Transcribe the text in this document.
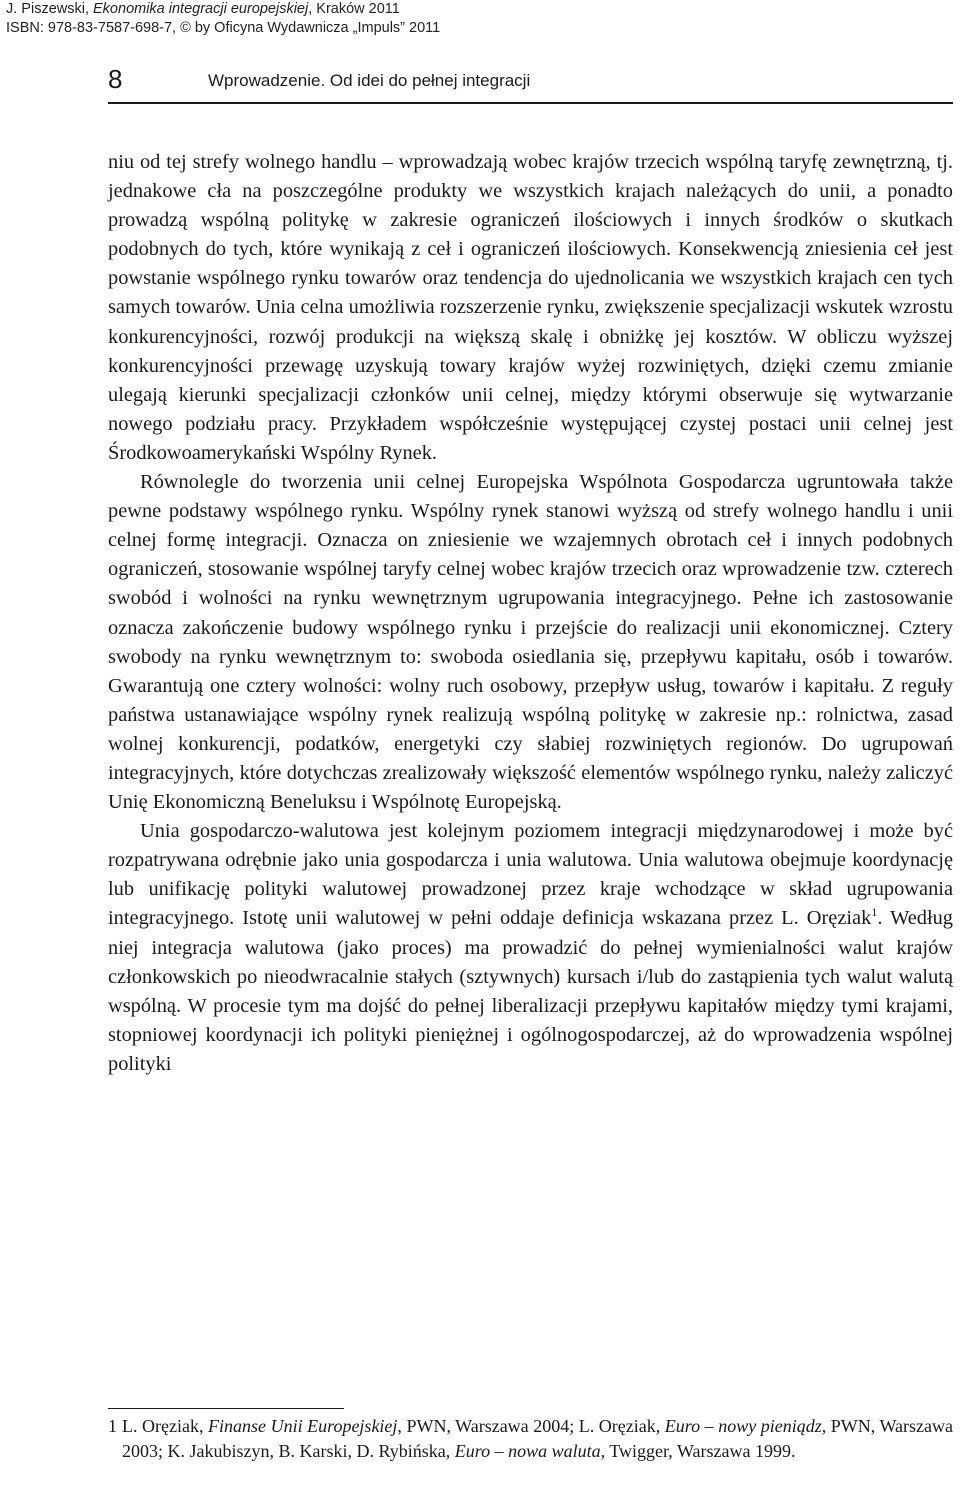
J. Piszewski, Ekonomika integracji europejskiej, Kraków 2011
ISBN: 978-83-7587-698-7, © by Oficyna Wydawnicza „Impuls” 2011
8	Wprowadzenie. Od idei do pełnej integracji

niu od tej strefy wolnego handlu – wprowadzają wobec krajów trzecich wspólną taryfę zewnętrzną, tj. jednakowe cła na poszczególne produkty we wszystkich krajach należących do unii, a ponadto prowadzą wspólną politykę w zakresie ograniczeń ilościowych i innych środków o skutkach podobnych do tych, które wynikają z ceł i ograniczeń ilościowych. Konsekwencją zniesienia ceł jest powstanie wspólnego rynku towarów oraz tendencja do ujednolicania we wszystkich krajach cen tych samych towarów. Unia celna umożliwia rozszerzenie rynku, zwiększenie specjalizacji wskutek wzrostu konkurencyjności, rozwój produkcji na większą skalę i obniżkę jej kosztów. W obliczu wyższej konkurencyjności przewagę uzyskują towary krajów wyżej rozwiniętych, dzięki czemu zmianie ulegają kierunki specjalizacji członków unii celnej, między którymi obserwuje się wytwarzanie nowego podziału pracy. Przykładem współcześnie występującej czystej postaci unii celnej jest Środkowoamerykański Wspólny Rynek.

Równolegle do tworzenia unii celnej Europejska Wspólnota Gospodarcza ugruntowała także pewne podstawy wspólnego rynku. Wspólny rynek stanowi wyższą od strefy wolnego handlu i unii celnej formę integracji. Oznacza on zniesienie we wzajemnych obrotach ceł i innych podobnych ograniczeń, stosowanie wspólnej taryfy celnej wobec krajów trzecich oraz wprowadzenie tzw. czterech swobód i wolności na rynku wewnętrznym ugrupowania integracyjnego. Pełne ich zastosowanie oznacza zakończenie budowy wspólnego rynku i przejście do realizacji unii ekonomicznej. Cztery swobody na rynku wewnętrznym to: swoboda osiedlania się, przepływu kapitału, osób i towarów. Gwarantują one cztery wolności: wolny ruch osobowy, przepływ usług, towarów i kapitału. Z reguły państwa ustanawiające wspólny rynek realizują wspólną politykę w zakresie np.: rolnictwa, zasad wolnej konkurencji, podatków, energetyki czy słabiej rozwiniętych regionów. Do ugrupowań integracyjnych, które dotychczas zrealizowały większość elementów wspólnego rynku, należy zaliczyć Unię Ekonomiczną Beneluksu i Wspólnotę Europejską.

Unia gospodarczo-walutowa jest kolejnym poziomem integracji międzynarodowej i może być rozpatrywana odrębnie jako unia gospodarcza i unia walutowa. Unia walutowa obejmuje koordynację lub unifikację polityki walutowej prowadzonej przez kraje wchodzące w skład ugrupowania integracyjnego. Istotę unii walutowej w pełni oddaje definicja wskazana przez L. Oręziak$^1$. Według niej integracja walutowa (jako proces) ma prowadzić do pełnej wymienialności walut krajów członkowskich po nieodwracalnie stałych (sztywnych) kursach i/lub do zastąpienia tych walut walutą wspólną. W procesie tym ma dojść do pełnej liberalizacji przepływu kapitałów między tymi krajami, stopniowej koordynacji ich polityki pieniężnej i ogólnogospodarczej, aż do wprowadzenia wspólnej polityki

1 L. Oręziak, Finanse Unii Europejskiej, PWN, Warszawa 2004; L. Oręziak, Euro – nowy pieniądz, PWN, Warszawa 2003; K. Jakubiszyn, B. Karski, D. Rybińska, Euro – nowa waluta, Twigger, Warszawa 1999.
